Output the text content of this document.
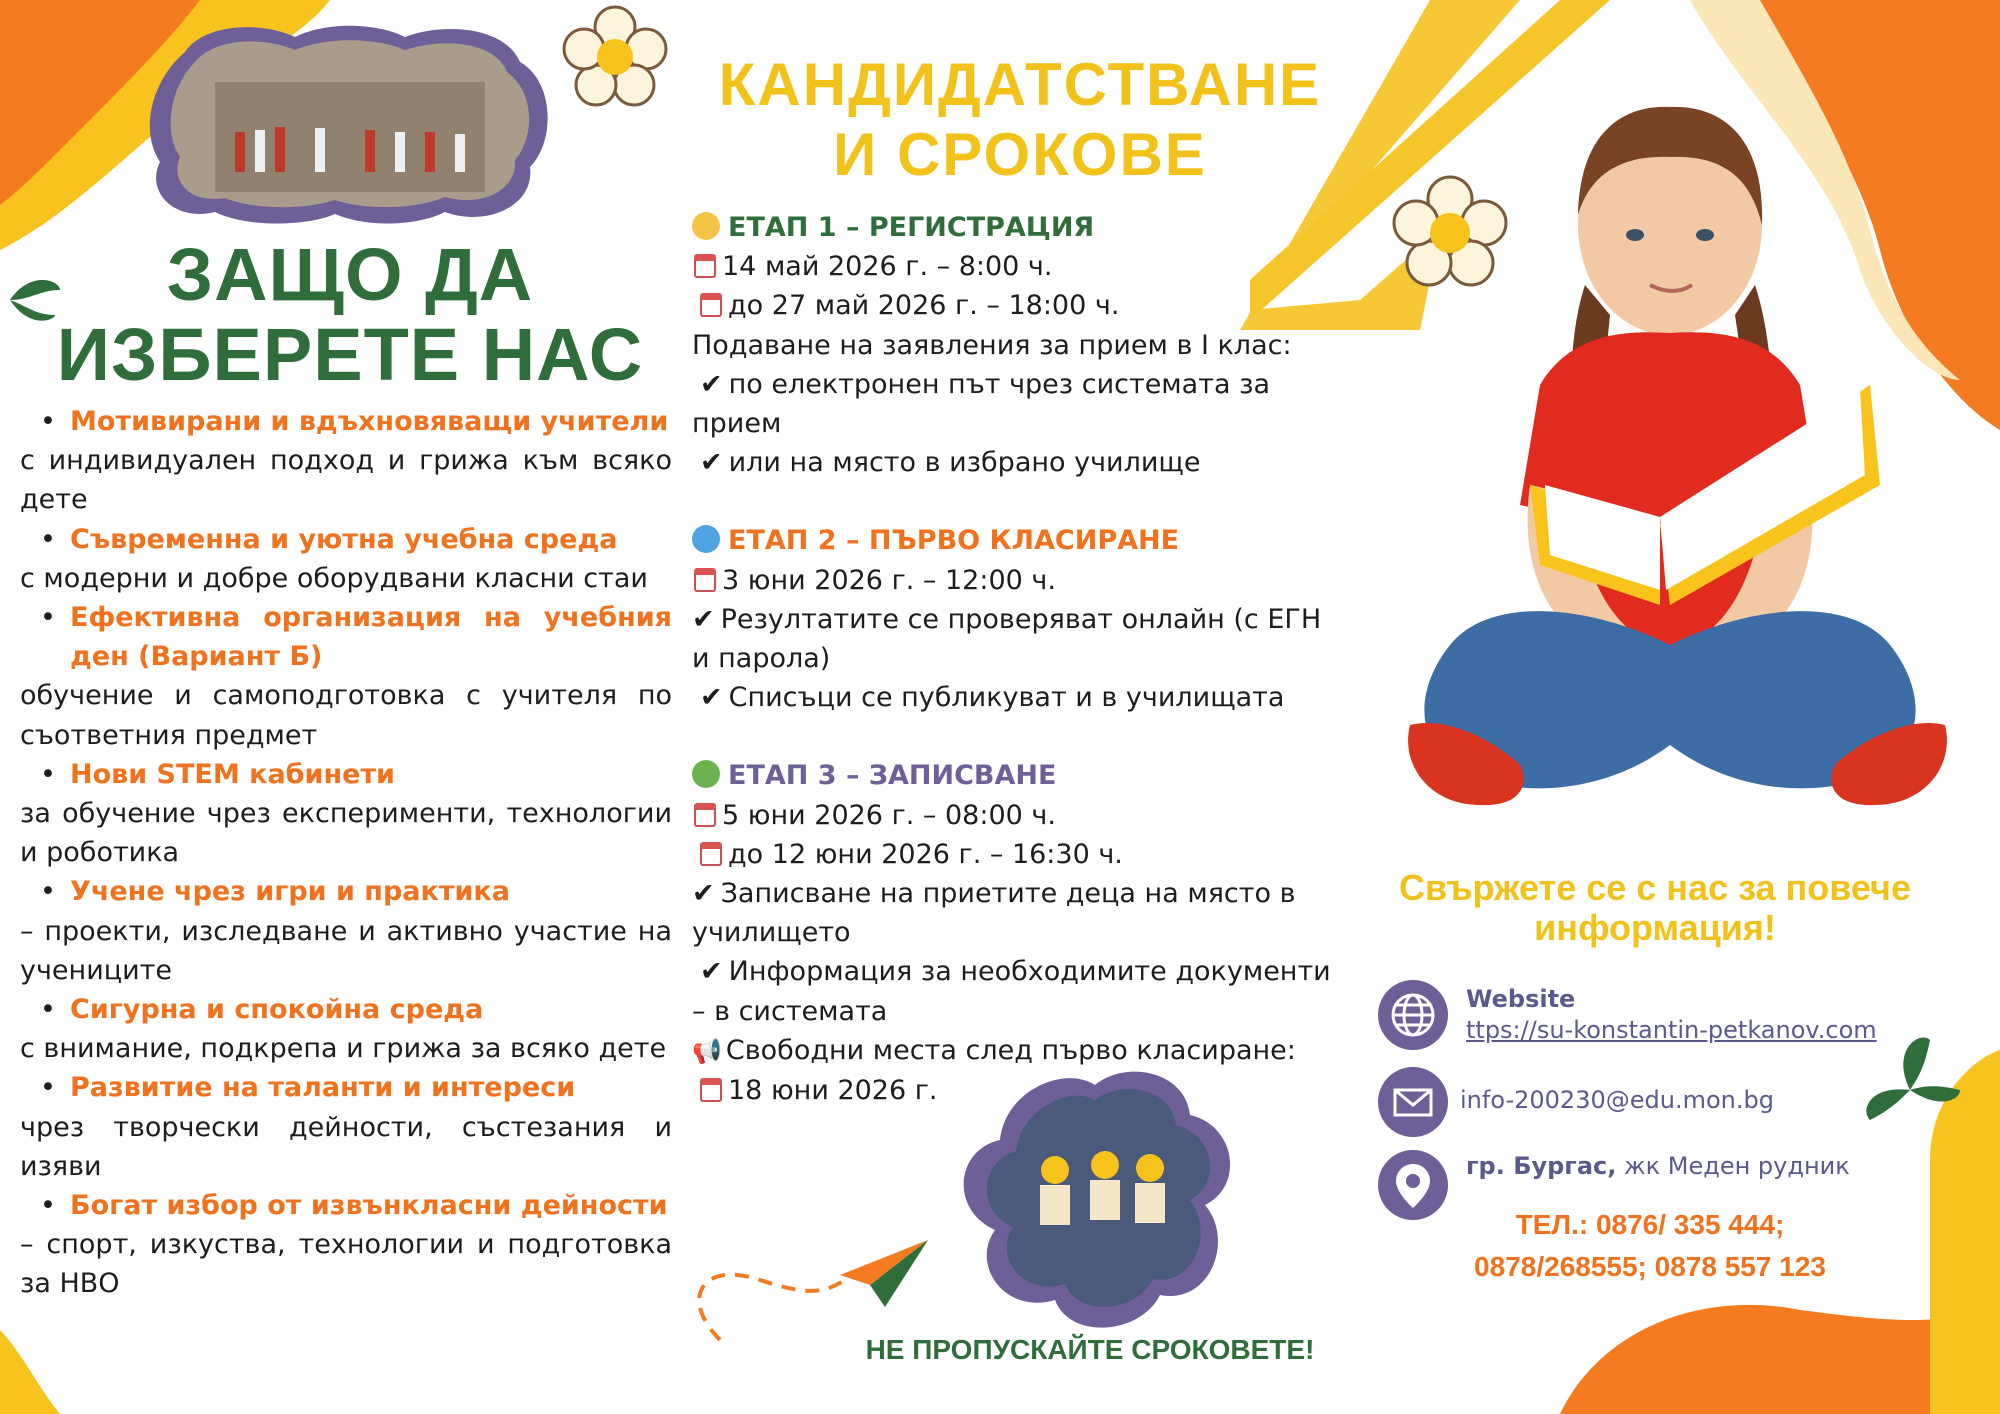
ЗАЩО ДА
ИЗБЕРЕТЕ НАС
• Мотивирани и вдъхновяващи учители
с индивидуален подход и грижа към всяко дете
• Съвременна и уютна учебна среда
с модерни и добре оборудвани класни стаи
• Ефективна организация на учебния ден (Вариант Б)
обучение и самоподготовка с учителя по съответния предмет
• Нови STEM кабинети
за обучение чрез експерименти, технологии и роботика
• Учене чрез игри и практика
– проекти, изследване и активно участие на учениците
• Сигурна и спокойна среда
с внимание, подкрепа и грижа за всяко дете
• Развитие на таланти и интереси
чрез творчески дейности, състезания и изяви
• Богат избор от извънкласни дейности
– спорт, изкуства, технологии и подготовка за НВО
КАНДИДАТСТВАНЕ
И СРОКОВЕ
ЕТАП 1 – РЕГИСТРАЦИЯ
14 май 2026 г. – 8:00 ч.
до 27 май 2026 г. – 18:00 ч.
Подаване на заявления за прием в I клас:
✔ по електронен път чрез системата за прием
✔ или на място в избрано училище
ЕТАП 2 – ПЪРВО КЛАСИРАНЕ
3 юни 2026 г. – 12:00 ч.
✔ Резултатите се проверяват онлайн (с ЕГН и парола)
✔ Списъци се публикуват и в училищата
ЕТАП 3 – ЗАПИСВАНЕ
5 юни 2026 г. – 08:00 ч.
до 12 юни 2026 г. – 16:30 ч.
✔ Записване на приетите деца на място в училището
✔ Информация за необходимите документи – в системата
📢 Свободни места след първо класиране:
18 юни 2026 г.
НЕ ПРОПУСКАЙТЕ СРОКОВЕТЕ!
Свържете се с нас за повече
информация!
Website
ttps://su-konstantin-petkanov.com
info-200230@edu.mon.bg
гр. Бургас, жк Меден рудник
ТЕЛ.: 0876/ 335 444;
0878/268555; 0878 557 123
